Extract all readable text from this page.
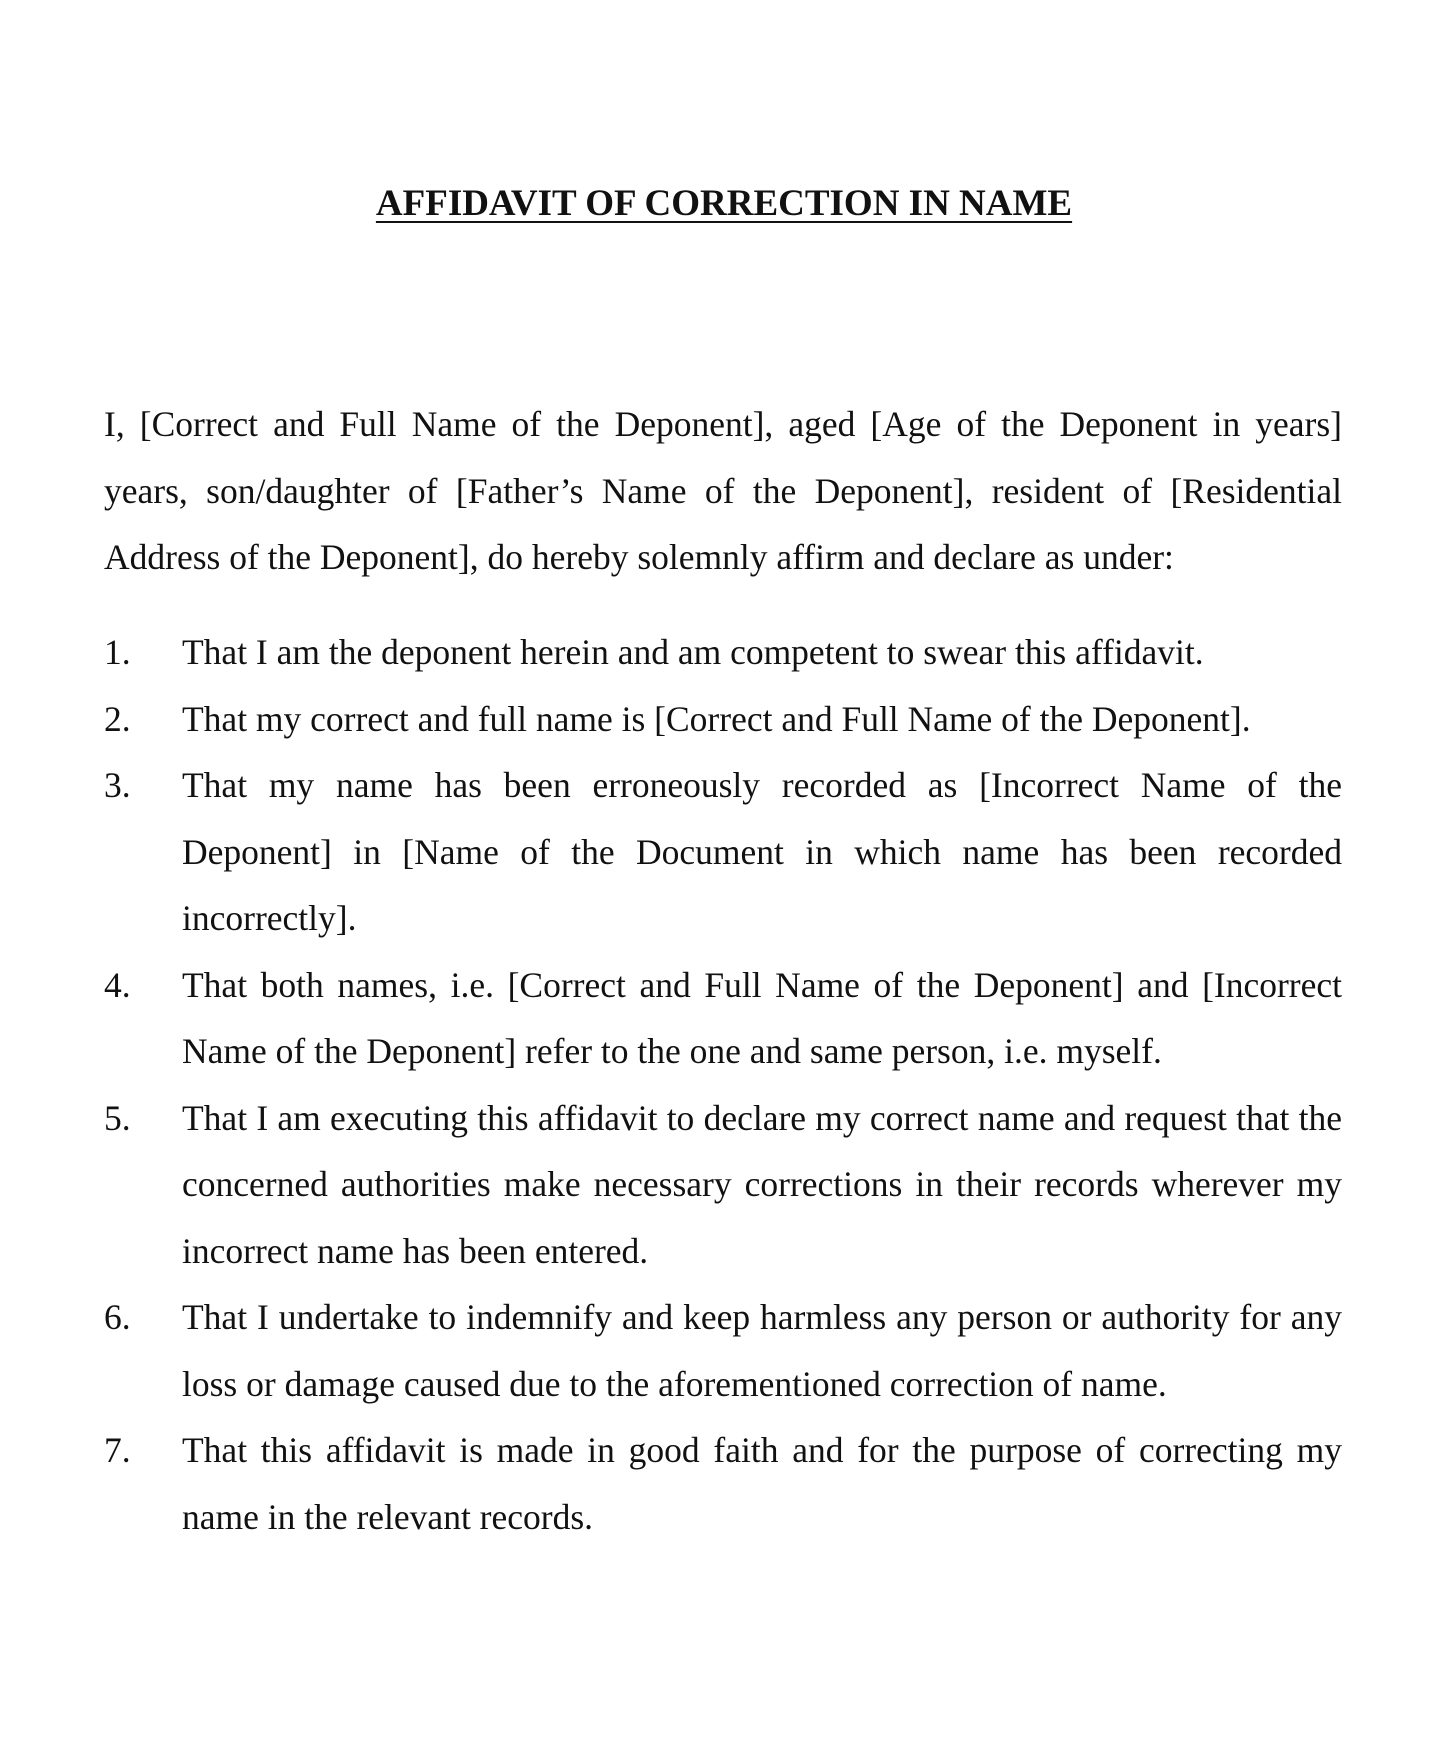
AFFIDAVIT OF CORRECTION IN NAME

I, [Correct and Full Name of the Deponent], aged [Age of the Deponent in years] years, son/daughter of [Father’s Name of the Deponent], resident of [Residential Address of the Deponent], do hereby solemnly affirm and declare as under:

1.	That I am the deponent herein and am competent to swear this affidavit.
2.	That my correct and full name is [Correct and Full Name of the Deponent].
3.	That my name has been erroneously recorded as [Incorrect Name of the Deponent] in [Name of the Document in which name has been recorded incorrectly].
4.	That both names, i.e. [Correct and Full Name of the Deponent] and [Incorrect Name of the Deponent] refer to the one and same person, i.e. myself.
5.	That I am executing this affidavit to declare my correct name and request that the concerned authorities make necessary corrections in their records wherever my incorrect name has been entered.
6.	That I undertake to indemnify and keep harmless any person or authority for any loss or damage caused due to the aforementioned correction of name.
7.	That this affidavit is made in good faith and for the purpose of correcting my name in the relevant records.
